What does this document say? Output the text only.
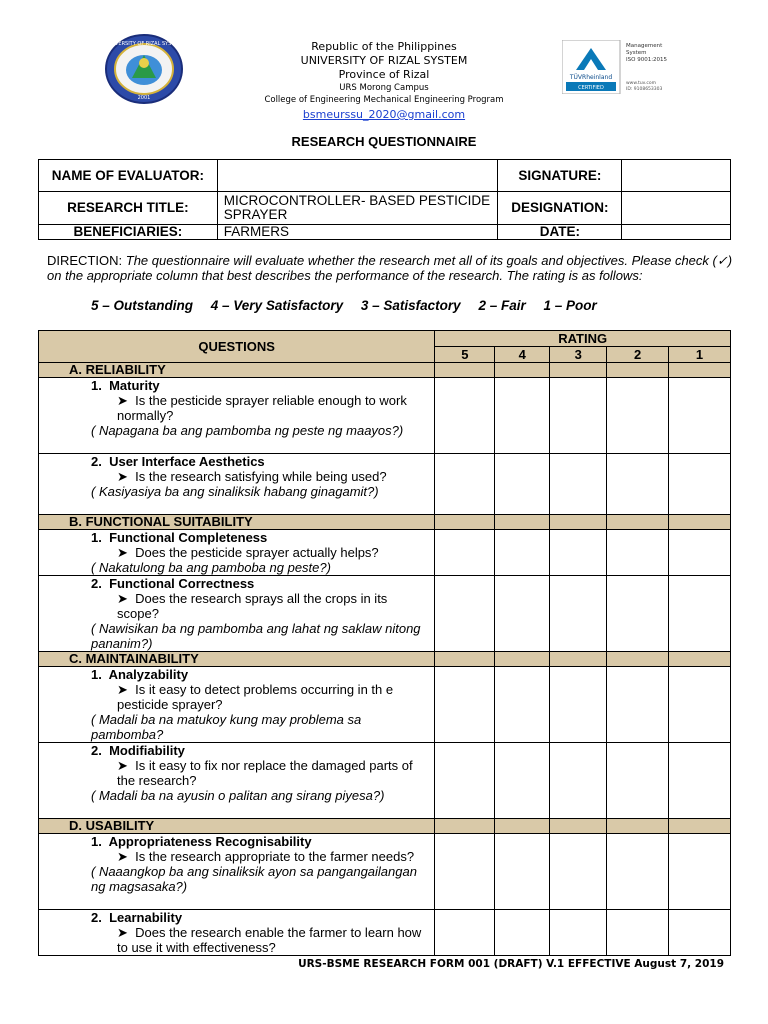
UNIVERSITY OF RIZAL SYSTEM
2001
TÜVRheinland
CERTIFIED
Management
System
ISO 9001:2015
www.tuv.com
ID: 9108653303
Republic of the Philippines
UNIVERSITY OF RIZAL SYSTEM
Province of Rizal
URS Morong Campus
College of Engineering Mechanical Engineering Program
bsmeurssu_2020@gmail.com
RESEARCH QUESTIONNAIRE
NAME OF EVALUATOR:		SIGNATURE:	
RESEARCH TITLE:	MICROCONTROLLER- BASED PESTICIDE SPRAYER	DESIGNATION:	
BENEFICIARIES:	FARMERS	DATE:	
DIRECTION: The questionnaire will evaluate whether the research met all of its goals and objectives. Please check (✓) on the appropriate column that best describes the performance of the research. The rating is as follows:
5 – Outstanding 4 – Very Satisfactory 3 – Satisfactory 2 – Fair 1 – Poor
QUESTIONS	RATING				
	5	4	3	2	1
A. RELIABILITY					

1. Maturity
➤ Is the pesticide sprayer reliable enough to work normally?
( Napagana ba ang pambomba ng peste ng maayos?)					

2. User Interface Aesthetics
➤ Is the research satisfying while being used?
( Kasiyasiya ba ang sinaliksik habang ginagamit?)					

B. FUNCTIONAL SUITABILITY					

1. Functional Completeness
➤ Does the pesticide sprayer actually helps?
( Nakatulong ba ang pamboba ng peste?)					

2. Functional Correctness
➤ Does the research sprays all the crops in its scope?
( Nawisikan ba ng pambomba ang lahat ng saklaw nitong pananim?)					

C. MAINTAINABILITY					

1. Analyzability
➤ Is it easy to detect problems occurring in th e pesticide sprayer?
( Madali ba na matukoy kung may problema sa pambomba?					

2. Modifiability
➤ Is it easy to fix nor replace the damaged parts of the research?
( Madali ba na ayusin o palitan ang sirang piyesa?)					

D. USABILITY					

1. Appropriateness Recognisability
➤ Is the research appropriate to the farmer needs?
( Naaangkop ba ang sinaliksik ayon sa pangangailangan ng magsasaka?)					

2. Learnability
➤ Does the research enable the farmer to learn how to use it with effectiveness?					

URS-BSME RESEARCH FORM 001 (DRAFT) V.1 EFFECTIVE August 7, 2019
